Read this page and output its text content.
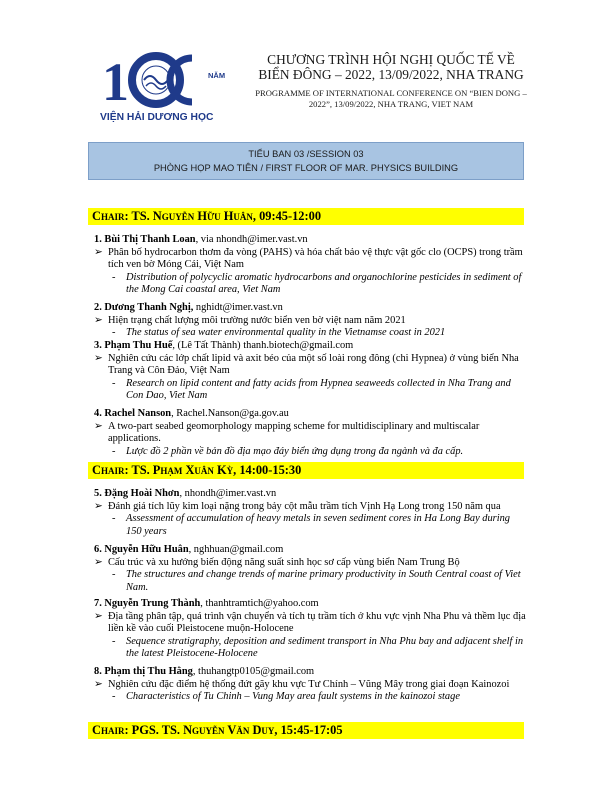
1	NĂM
VIỆN HẢI DƯƠNG HỌC
CHƯƠNG TRÌNH HỘI NGHỊ QUỐC TẾ VỀ
BIỂN ĐÔNG – 2022, 13/09/2022, NHA TRANG
PROGRAMME OF INTERNATIONAL CONFERENCE ON “BIEN DONG –
2022”, 13/09/2022, NHA TRANG, VIET NAM
TIỂU BAN 03 /SESSION 03
PHÒNG HỌP MAO TIÊN / FIRST FLOOR OF MAR. PHYSICS BUILDING
Chair: TS. Nguyễn Hữu Huân, 09:45-12:00

1. Bùi Thị Thanh Loan, via nhondh@imer.vast.vn

➢ Phân bố hydrocarbon thơm đa vòng (PAHS) và hóa chất bảo vệ thực vật gốc clo (OCPS) trong trầm tích ven bờ Móng Cái, Việt Nam

- Distribution of polycyclic aromatic hydrocarbons and organochlorine pesticides in sediment of the Mong Cai coastal area, Viet Nam

2. Dương Thanh Nghị, nghidt@imer.vast.vn

➢ Hiện trạng chất lượng môi trường nước biển ven bờ việt nam năm 2021

- The status of sea water environmental quality in the Vietnamse coast in 2021

3. Phạm Thu Huế, (Lê Tất Thành) thanh.biotech@gmail.com

➢ Nghiên cứu các lớp chất lipid và axit béo của một số loài rong đông (chi Hypnea) ở vùng biển Nha Trang và Côn Đảo, Việt Nam

- Research on lipid content and fatty acids from Hypnea seaweeds collected in Nha Trang and Con Dao, Viet Nam

4. Rachel Nanson, Rachel.Nanson@ga.gov.au

➢ A two-part seabed geomorphology mapping scheme for multidisciplinary and multiscalar applications.

- Lược đồ 2 phần về bản đồ địa mạo đáy biển ứng dụng trong đa ngành và đa cấp.

Chair: TS. Phạm Xuân Kỳ, 14:00-15:30

5. Đặng Hoài Nhơn, nhondh@imer.vast.vn

➢ Đánh giá tích lũy kim loại nặng trong bảy cột mẫu trầm tích Vịnh Hạ Long trong 150 năm qua

- Assessment of accumulation of heavy metals in seven sediment cores in Ha Long Bay during 150 years

6. Nguyễn Hữu Huân, nghhuan@gmail.com

➢ Cấu trúc và xu hướng biến động năng suất sinh học sơ cấp vùng biển Nam Trung Bộ

- The structures and change trends of marine primary productivity in South Central coast of Viet Nam.

7. Nguyễn Trung Thành, thanhtramtich@yahoo.com

➢ Địa tầng phân tập, quá trình vận chuyển và tích tụ trầm tích ở khu vực vịnh Nha Phu và thềm lục địa liền kề vào cuối Pleistocene muộn-Holocene

- Sequence stratigraphy, deposition and sediment transport in Nha Phu bay and adjacent shelf in the latest Pleistocene-Holocene

8. Phạm thị Thu Hằng, thuhangtp0105@gmail.com

➢ Nghiên cứu đặc điểm hệ thống đứt gãy khu vực Tư Chính – Vũng Mây trong giai đoạn Kainozoi

- Characteristics of Tu Chinh – Vung May area fault systems in the kainozoi stage

Chair: PGS. TS. Nguyễn Văn Duy, 15:45-17:05
